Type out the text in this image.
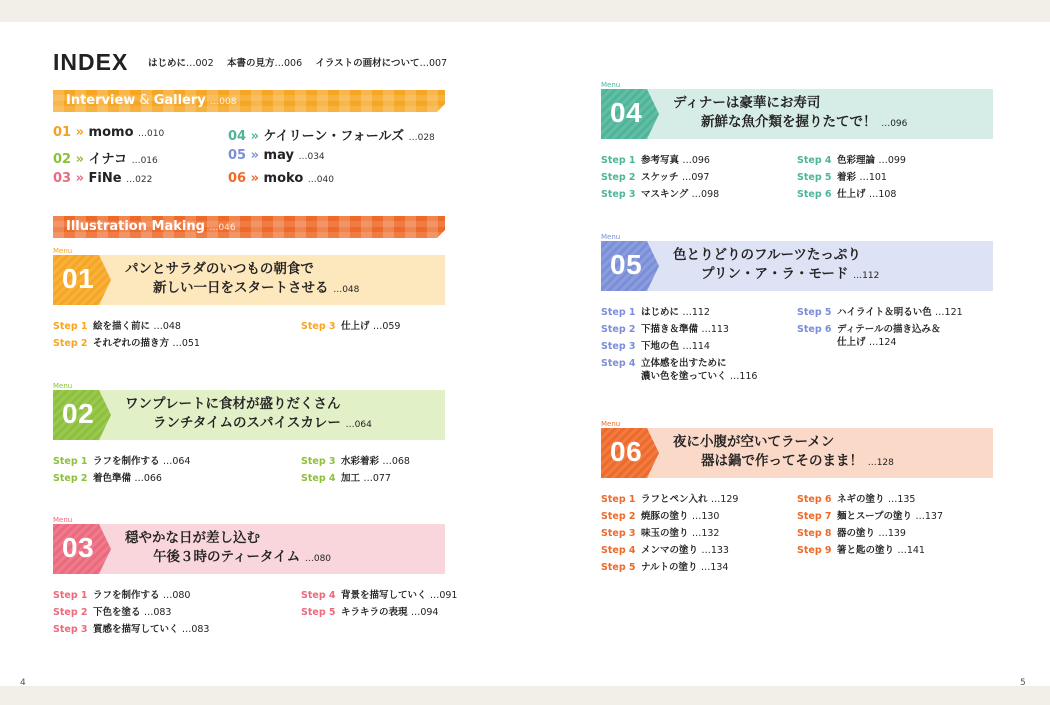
INDEX はじめに…002 本書の見方…006 イラストの画材について…007
Interview & Gallery …008
01 » momo …010
02 » イナコ …016
03 » FiNe …022
04 » ケイリーン・フォールズ …028
05 » may …034
06 » moko …040
Illustration Making …046
Menu
01 パンとサラダのいつもの朝食で
新しい一日をスタートさせる …048
Step 1 絵を描く前に …048
Step 2 それぞれの描き方 …051
Step 3 仕上げ …059
Menu
02 ワンプレートに食材が盛りだくさん
ランチタイムのスパイスカレー …064
Step 1 ラフを制作する …064
Step 2 着色準備 …066
Step 3 水彩着彩 …068
Step 4 加工 …077
Menu
03 穏やかな日が差し込む
午後３時のティータイム …080
Step 1 ラフを制作する …080
Step 2 下色を塗る …083
Step 3 質感を描写していく …083
Step 4 背景を描写していく …091
Step 5 キラキラの表現 …094
Menu
04 ディナーは豪華にお寿司
新鮮な魚介類を握りたてで！ …096
Step 1 参考写真 …096
Step 2 スケッチ …097
Step 3 マスキング …098
Step 4 色彩理論 …099
Step 5 着彩 …101
Step 6 仕上げ …108
Menu
05 色とりどりのフルーツたっぷり
プリン・ア・ラ・モード …112
Step 1 はじめに …112
Step 2 下描き＆準備 …113
Step 3 下地の色 …114
Step 4 立体感を出すために
濃い色を塗っていく …116
Step 5 ハイライト＆明るい色 …121
Step 6 ディテールの描き込み＆
仕上げ …124
Menu
06 夜に小腹が空いてラーメン
器は鍋で作ってそのまま！ …128
Step 1 ラフとペン入れ …129
Step 2 焼豚の塗り …130
Step 3 味玉の塗り …132
Step 4 メンマの塗り …133
Step 5 ナルトの塗り …134
Step 6 ネギの塗り …135
Step 7 麺とスープの塗り …137
Step 8 器の塗り …139
Step 9 箸と匙の塗り …141
4	5
